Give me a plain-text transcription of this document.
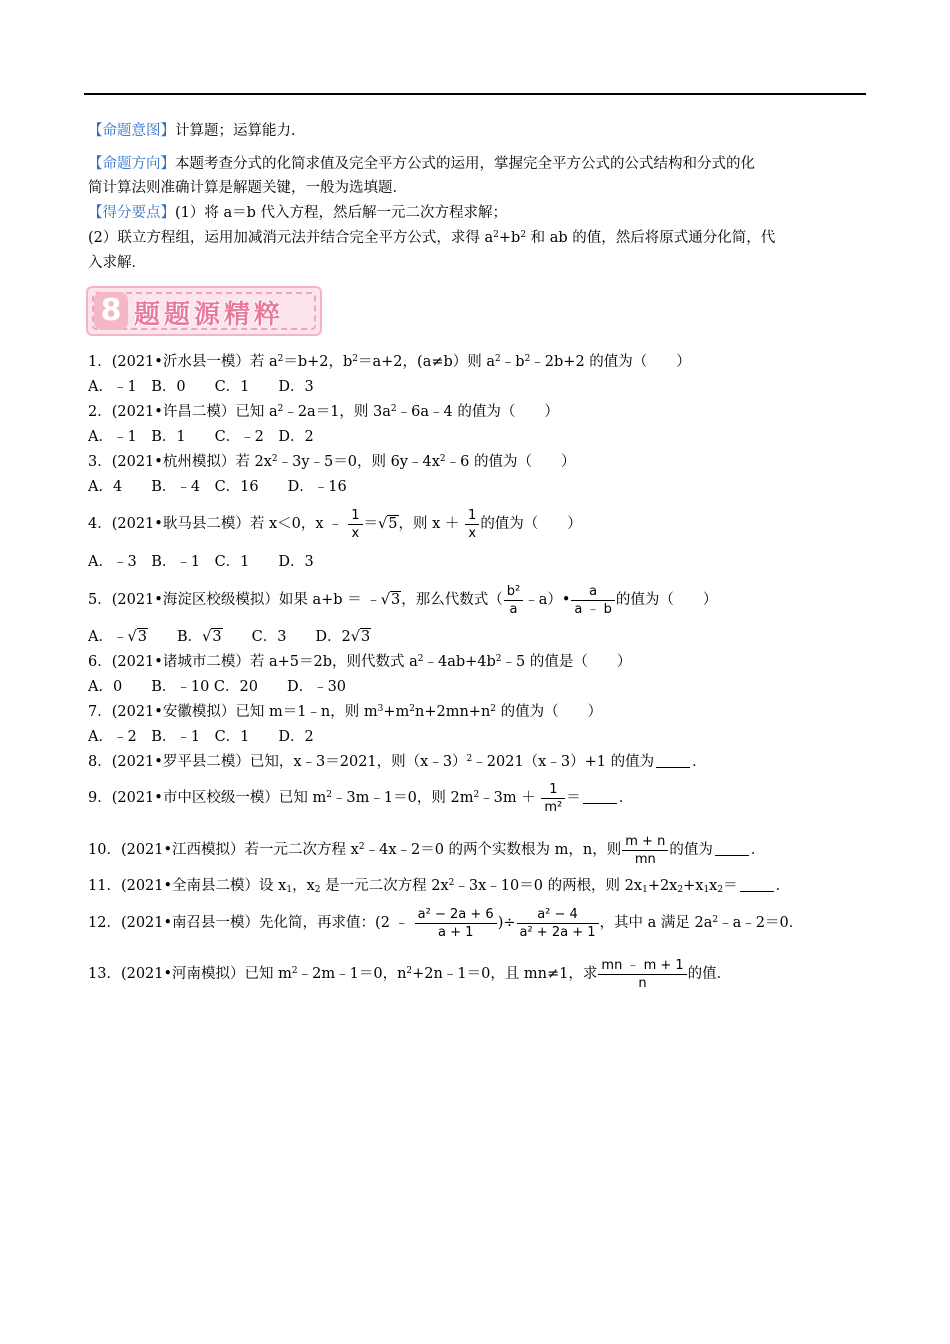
【命题意图】计算题；运算能力．
【命题方向】本题考查分式的化简求值及完全平方公式的运用，掌握完全平方公式的公式结构和分式的化
简计算法则准确计算是解题关键，一般为选填题．
【得分要点】(1）将 a＝b 代入方程，然后解一元二次方程求解；
(2）联立方程组，运用加减消元法并结合完全平方公式，求得 $a^2+b^2$ 和 ab 的值，然后将原式通分化简，代
入求解．
8 题题源精粹
1．(2021•沂水县一模）若 $a^2=b+2$，$b^2=a+2$，(a≠b）则 $a^2﹣b^2﹣2b+2$ 的值为（　　）
A．﹣1　B．0　　C．1　　D．3
2．(2021•许昌二模）已知 $a^2﹣2a=1$，则 $3a^2﹣6a﹣4$ 的值为（　　）
A．﹣1　B．1　　C．﹣2　D．2
3．(2021•杭州模拟）若 $2x^2﹣3y﹣5=0$，则 $6y﹣4x^2﹣6$ 的值为（　　）
A．4　　B．﹣4　C．16　　D．﹣16
4．(2021•耿马县二模）若 x＜0，x ﹣ $\frac{1}{x} =√5$，则 $x + \frac{1}{x}$ 的值为（　　）
A．﹣3　B．﹣1　C．1　　D．3
5．(2021•海淀区校级模拟）如果 a+b ＝ ﹣√3，那么代数式（ $\frac{\text{b²}}{a}$ ﹣a）• $\frac{a}{a ﹣ b}$ 的值为（　　）
A．﹣√3　　B．√3　　C．3　　D．2√3
6．(2021•诸城市二模）若 a+5＝2b，则代数式 $a^2﹣4ab+4b^2﹣5$ 的值是（　　）
A．0　　B．﹣10 C．20　　D．﹣30
7．(2021•安徽模拟）已知 m＝1﹣n，则 $m^3+m^2n+2mn+n^2$ 的值为（　　）
A．﹣2　B．﹣1　C．1　　D．2
8．(2021•罗平县二模）已知，x﹣3＝2021，则（x﹣3）$^2$﹣2021（x﹣3）+1 的值为	．
9．(2021•市中区校级一模）已知 $m^2﹣3m﹣1=0$，则 $2m^2﹣3m + \frac{1}{\text{m²}}$ ＝	．
10．(2021•江西模拟）若一元二次方程 $x^2﹣4x﹣2=0$ 的两个实数根为 m，n，则 $\frac{m + n}{mn}$ 的值为	．
11．(2021•全南县二模）设 $x_1$，$x_2$ 是一元二次方程 $2x^2﹣3x﹣10=0$ 的两根，则 $2x_1+2x_2+x_1x_2=$	．
12．(2021•南召县一模）先化简，再求值：(2 ﹣ $\frac{\text{a² − 2a + 6}}{a + 1}$ )÷ $\frac{\text{a² − 4}}{\text{a² + 2a + 1}}$ ，其中 a 满足 $2a^2﹣a﹣2=0$．
13．(2021•河南模拟）已知 $m^2﹣2m﹣1=0$，$n^2+2n﹣1=0$，且 mn≠1，求 $\frac{mn ﹣ m + 1}{n}$ 的值．
